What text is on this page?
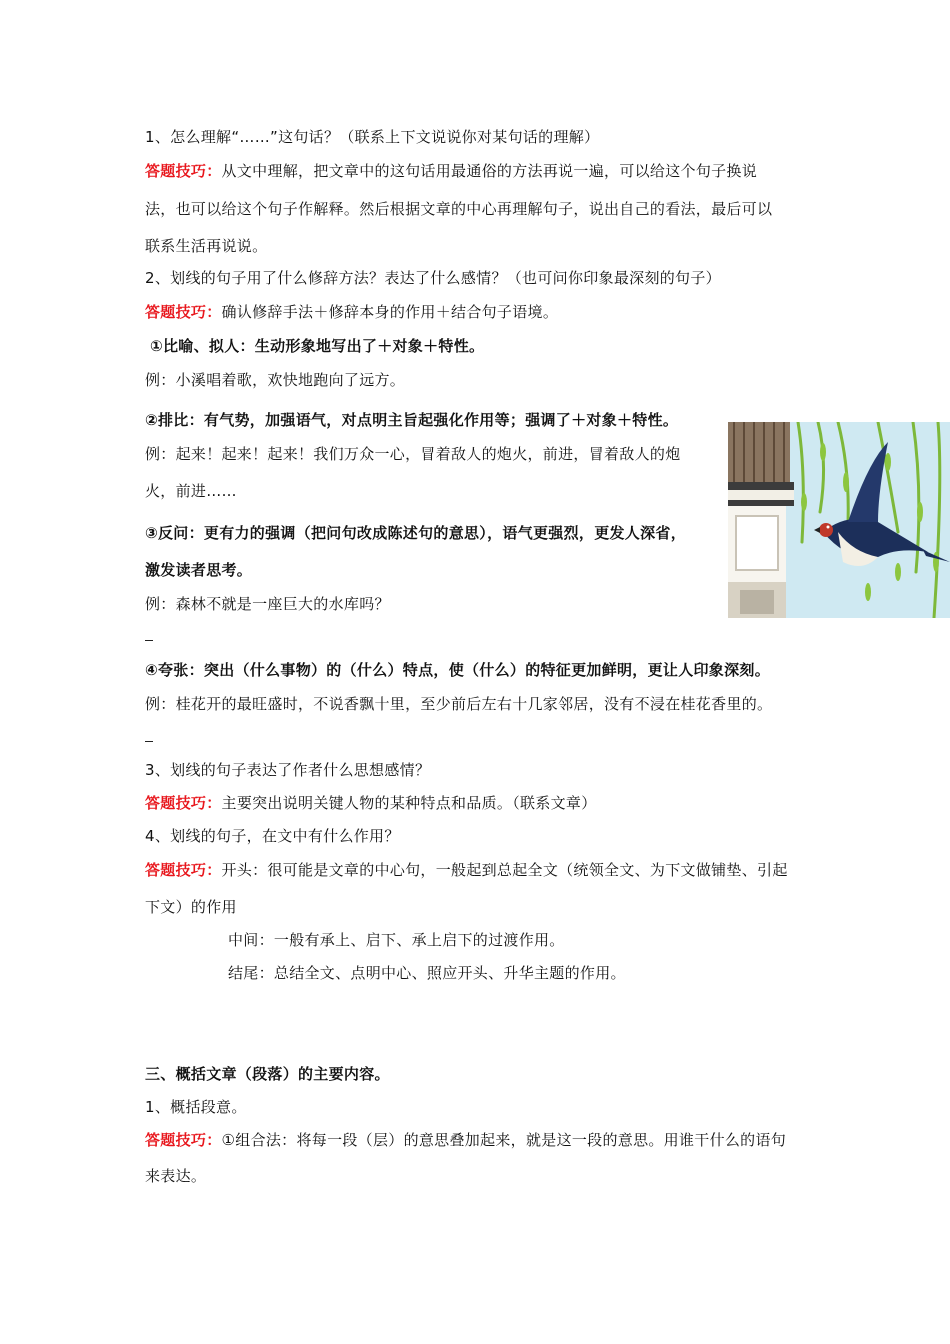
1、怎么理解“……”这句话？（联系上下文说说你对某句话的理解）
答题技巧：从文中理解，把文章中的这句话用最通俗的方法再说一遍，可以给这个句子换说
法，也可以给这个句子作解释。然后根据文章的中心再理解句子，说出自己的看法，最后可以
联系生活再说说。
2、划线的句子用了什么修辞方法？表达了什么感情？（也可问你印象最深刻的句子）
答题技巧：确认修辞手法＋修辞本身的作用＋结合句子语境。
①比喻、拟人：生动形象地写出了＋对象＋特性。
例：小溪唱着歌，欢快地跑向了远方。
②排比：有气势，加强语气，对点明主旨起强化作用等；强调了＋对象＋特性。
例：起来！起来！起来！我们万众一心，冒着敌人的炮火，前进，冒着敌人的炮
火，前进……
③反问：更有力的强调（把问句改成陈述句的意思），语气更强烈，更发人深省，
激发读者思考。
例：森林不就是一座巨大的水库吗？
④夸张：突出（什么事物）的（什么）特点，使（什么）的特征更加鲜明，更让人印象深刻。
例：桂花开的最旺盛时，不说香飘十里，至少前后左右十几家邻居，没有不浸在桂花香里的。
3、划线的句子表达了作者什么思想感情？
答题技巧：主要突出说明关键人物的某种特点和品质。（联系文章）
4、划线的句子，在文中有什么作用？
答题技巧：开头：很可能是文章的中心句，一般起到总起全文（统领全文、为下文做铺垫、引起
下文）的作用
中间：一般有承上、启下、承上启下的过渡作用。
结尾：总结全文、点明中心、照应开头、升华主题的作用。
三、概括文章（段落）的主要内容。
1、概括段意。
答题技巧：①组合法：将每一段（层）的意思叠加起来，就是这一段的意思。用谁干什么的语句
来表达。
